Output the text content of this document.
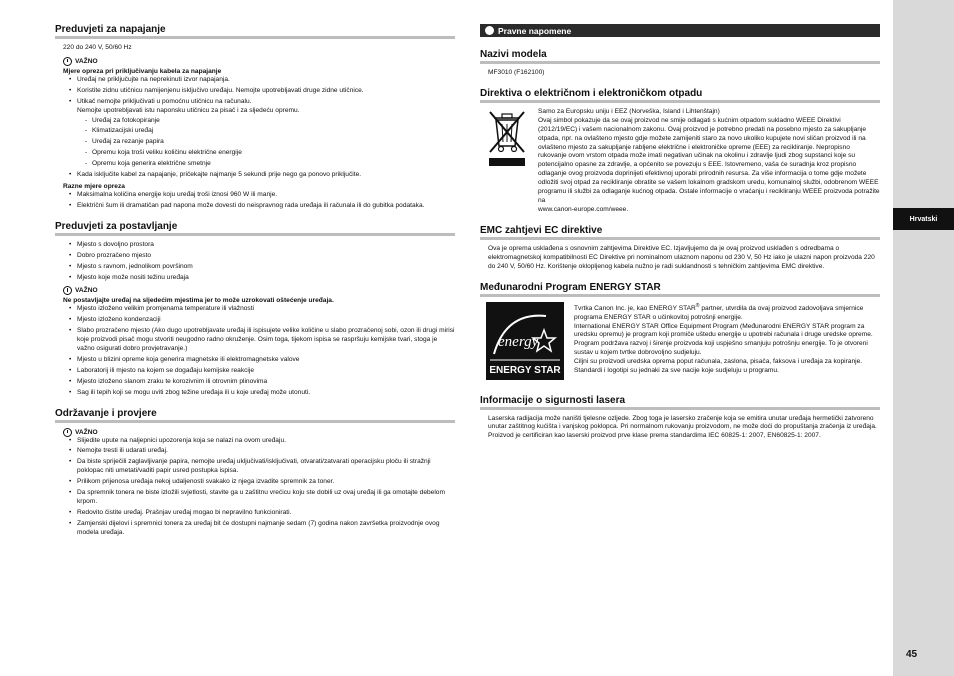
Preduvjeti za napajanje
220 do 240 V, 50/60 Hz
VAŽNO
Mjere opreza pri priključivanju kabela za napajanje
• Uređaj ne priključujte na neprekinuti izvor napajanja.
• Koristite zidnu utičnicu namijenjenu isključivo uređaju. Nemojte upotrebljavati druge zidne utičnice.
• Utikač nemojte priključivati u pomoćnu utičnicu na računalu.
Nemojte upotrebljavati istu naponsku utičnicu za pisač i za sljedeću opremu.
- Uređaj za fotokopiranje
- Klimatizacijski uređaj
- Uređaj za rezanje papira
- Opremu koja troši veliku količinu električne energije
- Opremu koja generira električne smetnje
• Kada isključite kabel za napajanje, pričekajte najmanje 5 sekundi prije nego ga ponovo priključite.
Razne mjere opreza
• Maksimalna količina energije koju uređaj troši iznosi 960 W ili manje.
• Električni šum ili dramatičan pad napona može dovesti do neispravnog rada uređaja ili računala ili do gubitka podataka.
Preduvjeti za postavljanje
• Mjesto s dovoljno prostora
• Dobro prozračeno mjesto
• Mjesto s ravnom, jednolikom površinom
• Mjesto koje može nositi težinu uređaja
VAŽNO
Ne postavljajte uređaj na sljedećim mjestima jer to može uzrokovati oštećenje uređaja.
• Mjesto izloženo velikim promjenama temperature ili vlažnosti
• Mjesto izloženo kondenzaciji
• Slabo prozračeno mjesto (Ako dugo upotrebljavate uređaj ili ispisujete velike količine u slabo prozračenoj sobi, ozon ili drugi mirisi koje proizvodi pisač mogu stvoriti neugodno radno okruženje. Osim toga, tijekom ispisa se raspršuju kemijske tvari, stoga je važno osigurati dobro provjetravanje.)
• Mjesto u blizini opreme koja generira magnetske ili elektromagnetske valove
• Laboratorij ili mjesto na kojem se događaju kemijske reakcije
• Mjesto izloženo slanom zraku te korozivnim ili otrovnim plinovima
• Sag ili tepih koji se mogu uviti zbog težine uređaja ili u koje uređaj može utonuti.
Održavanje i provjere
VAŽNO
• Slijedite upute na naljepnici upozorenja koja se nalazi na ovom uređaju.
• Nemojte tresti ili udarati uređaj.
• Da biste spriječili zaglavljivanje papira, nemojte uređaj uključivati/isključivati, otvarati/zatvarati operacijsku ploču ili stražnji poklopac niti umetati/vaditi papir usred postupka ispisa.
• Prilikom prijenosa uređaja nekoj udaljenosti svakako iz njega izvadite spremnik za toner.
• Da spremnik tonera ne biste izložili svjetlosti, stavite ga u zaštitnu vrećicu koju ste dobili uz ovaj uređaj ili ga omotajte debelom krpom.
• Redovito čistite uređaj. Prašnjav uređaj mogao bi nepravilno funkcionirati.
• Zamjenski dijelovi i spremnici tonera za uređaj bit će dostupni najmanje sedam (7) godina nakon završetka proizvodnje ovog modela uređaja.
Pravne napomene
Nazivi modela
MF3010 (F162100)
Direktiva o električnom i elektroničkom otpadu
Samo za Europsku uniju i EEZ (Norveška, Island i Lihtenštajn)
Ovaj simbol pokazuje da se ovaj proizvod ne smije odlagati s kućnim otpadom sukladno WEEE Direktivi (2012/19/EC) i vašem nacionalnom zakonu. Ovaj proizvod je potrebno predati na posebno mjesto za sakupljanje otpada, npr. na ovlašteno mjesto gdje možete zamijeniti staro za novo ukoliko kupujete novi sličan proizvod ili na ovlašteno mjesto za sakupljanje rabljene električne i elektroničke opreme (EEE) za recikliranje. Nepropisno rukovanje ovom vrstom otpada može imati negativan učinak na okolinu i zdravlje ljudi zbog supstanci koje su potencijalno opasne za zdravlje, a općenito se povezuju s EEE. Istovremeno, vaša će suradnja kroz propisno odlaganje ovog proizvoda doprinijeti efektivnoj uporabi prirodnih resursa. Za više informacija o tome gdje možete odložiti svoj otpad za recikliranje obratite se vašem lokalnom gradskom uredu, komunalnoj službi, odobrenom WEEE programu ili službi za odlaganje kućnog otpada. Ostale informacije o vraćanju i recikliranju WEEE proizvoda potražite na
www.canon-europe.com/weee.
EMC zahtjevi EC direktive
Ova je oprema usklađena s osnovnim zahtjevima Direktive EC. Izjavljujemo da je ovaj proizvod usklađen s odredbama o elektromagnetskoj kompatibilnosti EC Direktive pri nominalnom ulaznom naponu od 230 V, 50 Hz iako je ulazni napon proizvoda 220 do 240 V, 50/60 Hz. Korištenje okloplјenog kabela nužno je radi suklandnosti s tehničkim zahtjevima EMC direktive.
Međunarodni Program ENERGY STAR
energy
ENERGY STAR
Tvrtka Canon Inc. je, kao ENERGY STAR® partner, utvrdila da ovaj proizvod zadovoljava smjernice programa ENERGY STAR o učinkovitoj potrošnji energije.
International ENERGY STAR Office Equipment Program (Međunarodni ENERGY STAR program za uredsku opremu) je program koji promiče uštedu energije u upotrebi računala i druge uredske opreme.
Program podržava razvoj i širenje proizvoda koji uspješno smanjuju potrošnju energije. To je otvoreni sustav u kojem tvrtke dobrovoljno sudjeluju.
Ciljni su proizvodi uredska oprema poput računala, zaslona, pisača, faksova i uređaja za kopiranje. Standardi i logotipi su jednaki za sve nacije koje sudjeluju u programu.
Informacije o sigurnosti lasera
Laserska radijacija može naništi tjelesne ozljede. Zbog toga je lasersko zračenje koja se emitira unutar uređaja hermetički zatvoreno unutar zaštitnog kućišta i vanjskog poklopca. Pri normalnom rukovanju proizvodom, ne može doći do propuštanja zračenja iz uređaja.
Proizvod je certificiran kao laserski proizvod prve klase prema standardima IEC 60825-1: 2007, EN60825-1: 2007.
Hrvatski
45
